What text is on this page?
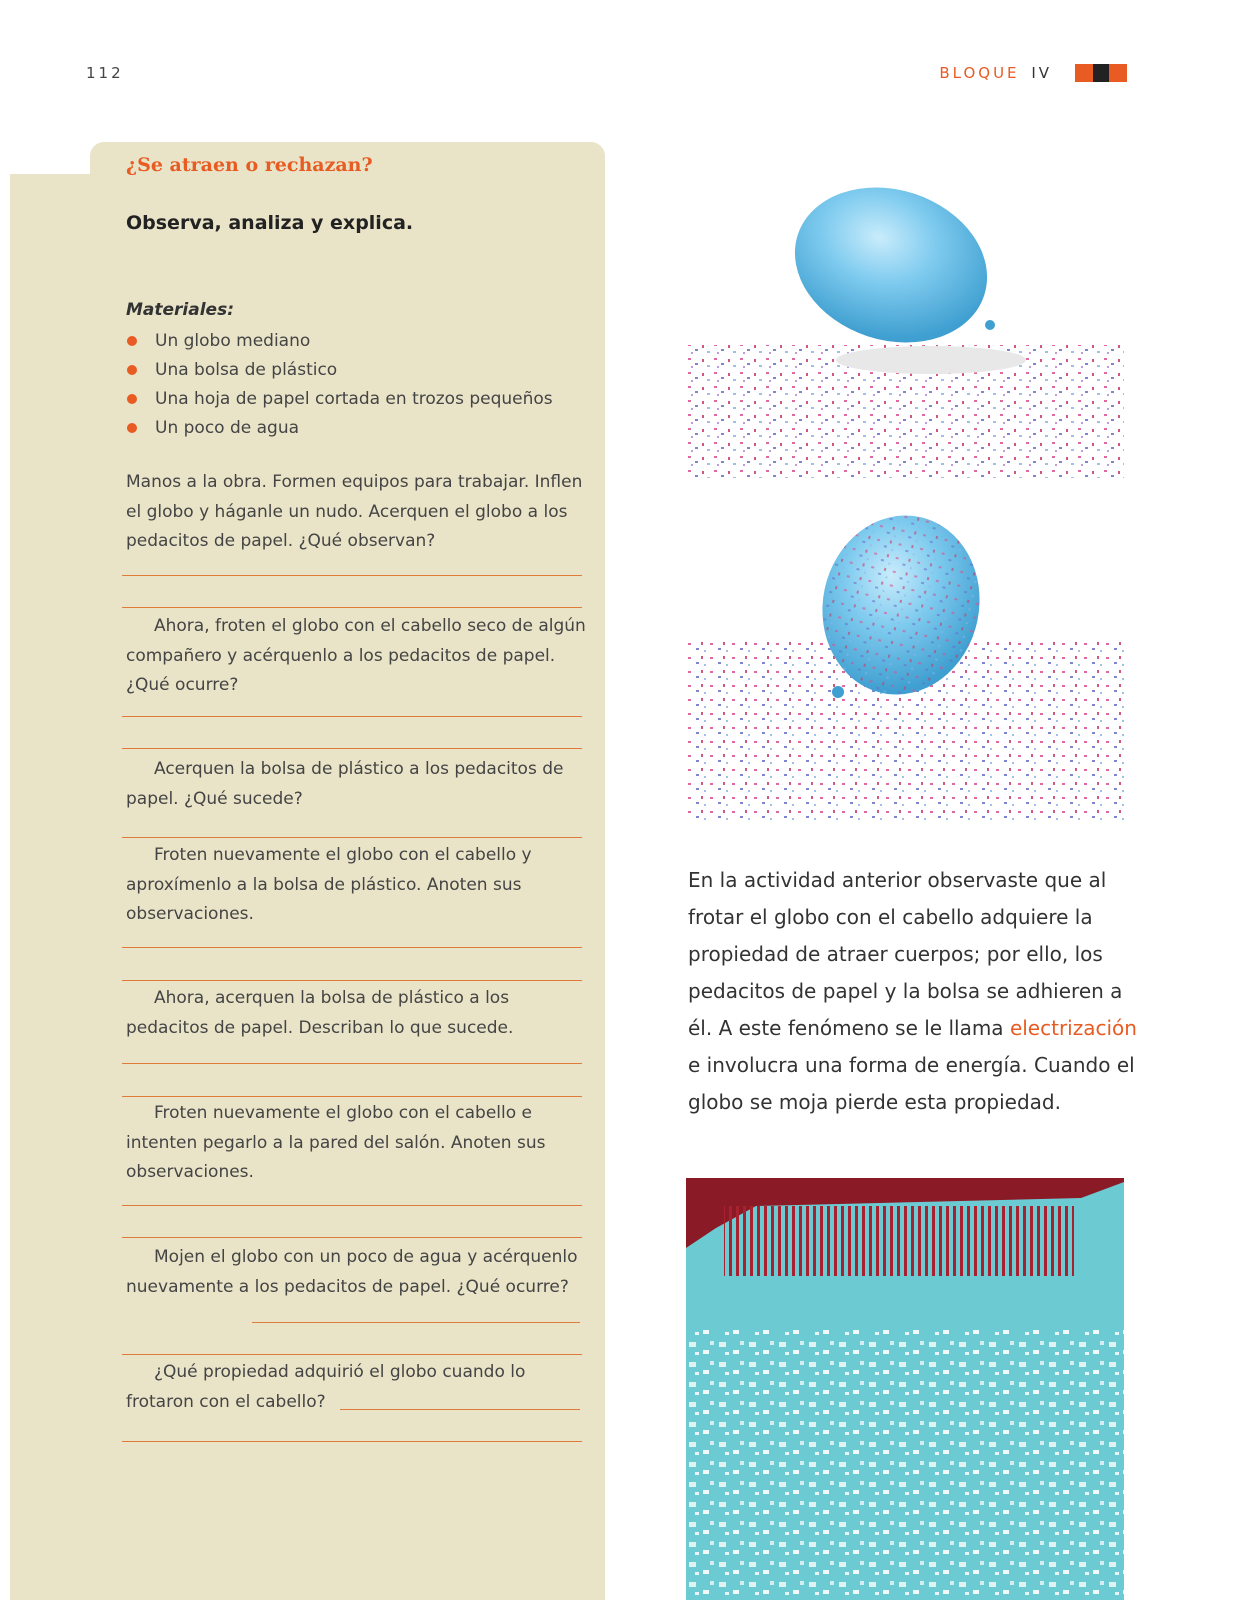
112	BLOQUE IV
¿Se atraen o rechazan?
Observa, analiza y explica.
Materiales:
Un globo mediano
Una bolsa de plástico
Una hoja de papel cortada en trozos pequeños
Un poco de agua
Manos a la obra. Formen equipos para trabajar. Inflen el globo y háganle un nudo. Acerquen el globo a los pedacitos de papel. ¿Qué observan?
Ahora, froten el globo con el cabello seco de algún compañero y acérquenlo a los pedacitos de papel. ¿Qué ocurre?
Acerquen la bolsa de plástico a los pedacitos de papel. ¿Qué sucede?
Froten nuevamente el globo con el cabello y aproxímenlo a la bolsa de plástico. Anoten sus observaciones.
Ahora, acerquen la bolsa de plástico a los pedacitos de papel. Describan lo que sucede.
Froten nuevamente el globo con el cabello e intenten pegarlo a la pared del salón. Anoten sus observaciones.
Mojen el globo con un poco de agua y acérquenlo nuevamente a los pedacitos de papel. ¿Qué ocurre?
¿Qué propiedad adquirió el globo cuando lo frotaron con el cabello?
En la actividad anterior observaste que al frotar el globo con el cabello adquiere la propiedad de atraer cuerpos; por ello, los pedacitos de papel y la bolsa se adhieren a él. A este fenómeno se le llama electrización e involucra una forma de energía. Cuando el globo se moja pierde esta propiedad.
